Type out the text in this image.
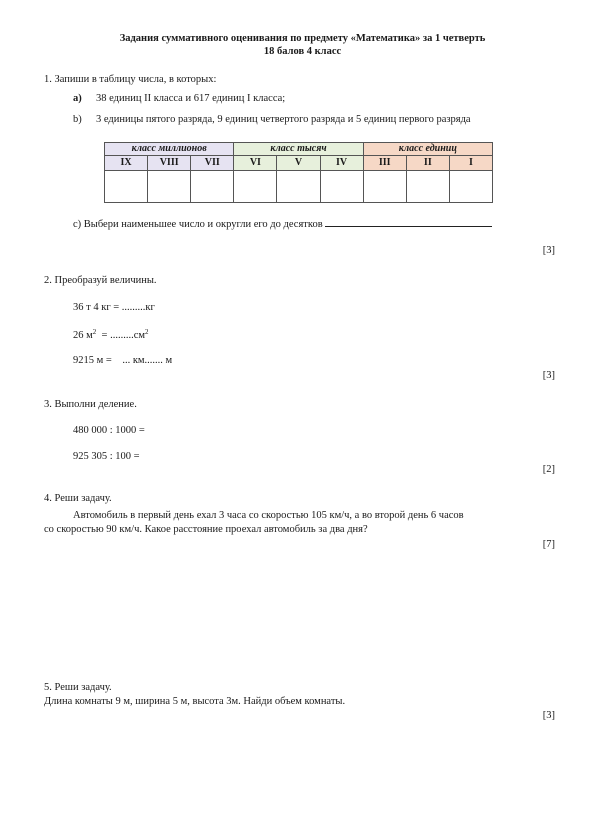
Задания суммативного оценивания по предмету «Математика» за 1 четверть
18 балов 4 класс
1. Запиши в таблицу числа, в которых:
a) 38 единиц II класса и 617 единиц I класса;
b) 3 единицы пятого разряда, 9 единиц четвертого разряда и 5 единиц первого разряда
класс миллионов			класс тысяч			класс единиц		
IX	VIII	VII	VI	V	IV	III	II	I

с) Выбери наименьшее число и округли его до десятков
[3]
2. Преобразуй величины.
36 т 4 кг = .........кг
26 $м^2 = .........см^2$
9215 м =    ... км....... м
[3]
3. Выполни деление.
480 000 : 1000 =
925 305 : 100 =
[2]
4. Реши задачу.
Автомобиль в первый день ехал 3 часа со скоростью 105 км/ч, а во второй день 6 часов
со скоростью 90 км/ч. Какое расстояние проехал автомобиль за два дня?
[7]
5. Реши задачу.
Длина комнаты 9 м, ширина 5 м, высота 3м. Найди объем комнаты.
[3]
